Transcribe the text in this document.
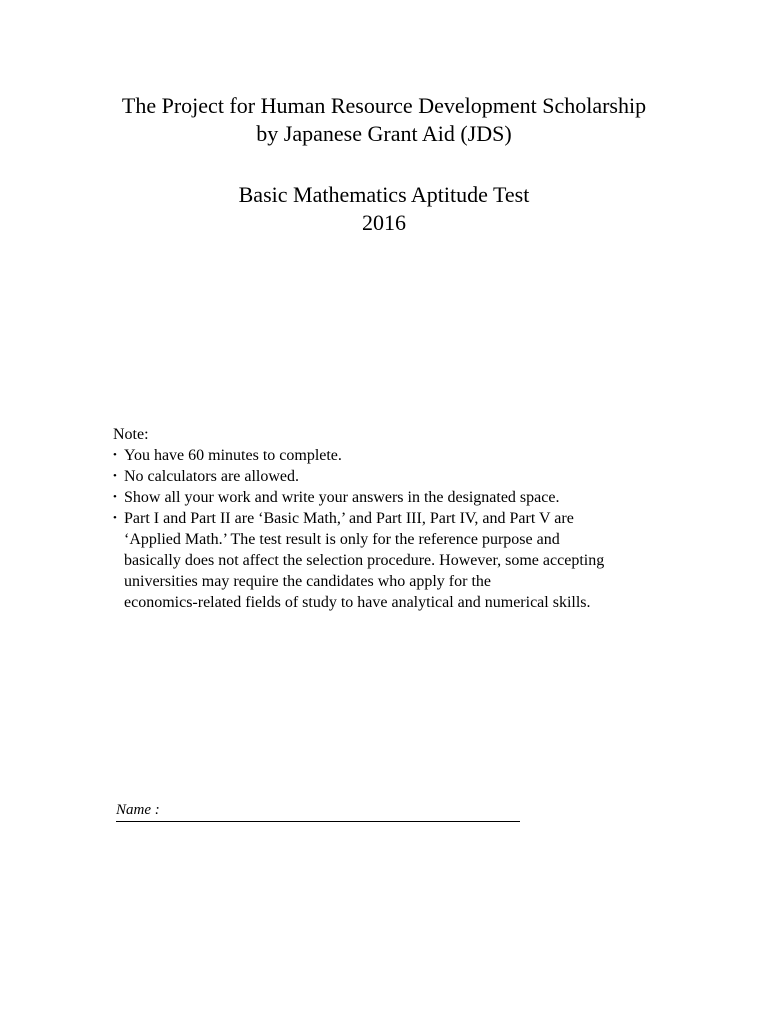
The Project for Human Resource Development Scholarship
by Japanese Grant Aid (JDS)
Basic Mathematics Aptitude Test
2016
Note:
• You have 60 minutes to complete.
• No calculators are allowed.
• Show all your work and write your answers in the designated space.
• Part I and Part II are ‘Basic Math,’ and Part III, Part IV, and Part V are
‘Applied Math.’ The test result is only for the reference purpose and
basically does not affect the selection procedure. However, some accepting
universities may require the candidates who apply for the
economics-related fields of study to have analytical and numerical skills.
Name :
